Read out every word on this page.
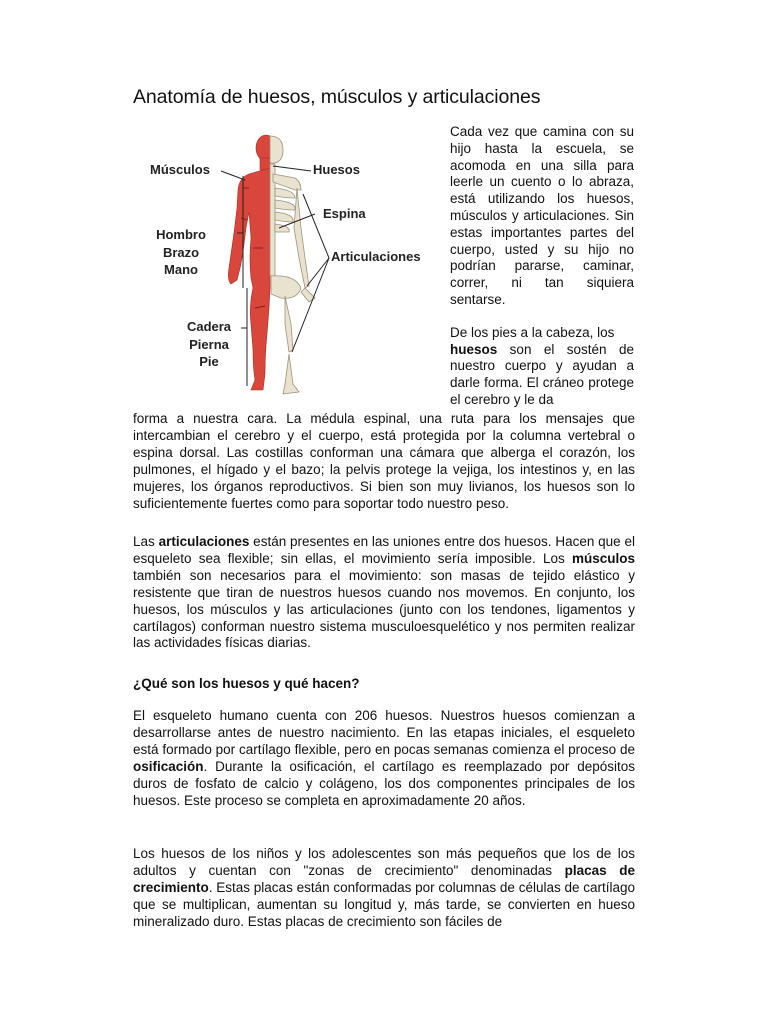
Anatomía de huesos, músculos y articulaciones
Músculos
Hombro
Brazo
Mano
Cadera
Pierna
Pie
Huesos
Espina
Articulaciones

Cada vez que camina con su hijo hasta la escuela, se acomoda en una silla para leerle un cuento o lo abraza, está utilizando los huesos, músculos y articulaciones. Sin estas importantes partes del cuerpo, usted y su hijo no podrían pararse, caminar, correr, ni tan siquiera sentarse.

De los pies a la cabeza, los
huesos son el sostén de nuestro cuerpo y ayudan a darle forma. El cráneo protege el cerebro y le da

forma a nuestra cara. La médula espinal, una ruta para los mensajes que intercambian el cerebro y el cuerpo, está protegida por la columna vertebral o espina dorsal. Las costillas conforman una cámara que alberga el corazón, los pulmones, el hígado y el bazo; la pelvis protege la vejiga, los intestinos y, en las mujeres, los órganos reproductivos. Si bien son muy livianos, los huesos son lo suficientemente fuertes como para soportar todo nuestro peso.

Las articulaciones están presentes en las uniones entre dos huesos. Hacen que el esqueleto sea flexible; sin ellas, el movimiento sería imposible. Los músculos también son necesarios para el movimiento: son masas de tejido elástico y resistente que tiran de nuestros huesos cuando nos movemos. En conjunto, los huesos, los músculos y las articulaciones (junto con los tendones, ligamentos y cartílagos) conforman nuestro sistema musculoesquelético y nos permiten realizar las actividades físicas diarias.

¿Qué son los huesos y qué hacen?

El esqueleto humano cuenta con 206 huesos. Nuestros huesos comienzan a desarrollarse antes de nuestro nacimiento. En las etapas iniciales, el esqueleto está formado por cartílago flexible, pero en pocas semanas comienza el proceso de osificación. Durante la osificación, el cartílago es reemplazado por depósitos duros de fosfato de calcio y colágeno, los dos componentes principales de los huesos. Este proceso se completa en aproximadamente 20 años.

Los huesos de los niños y los adolescentes son más pequeños que los de los adultos y cuentan con "zonas de crecimiento" denominadas placas de crecimiento. Estas placas están conformadas por columnas de células de cartílago que se multiplican, aumentan su longitud y, más tarde, se convierten en hueso mineralizado duro. Estas placas de crecimiento son fáciles de
